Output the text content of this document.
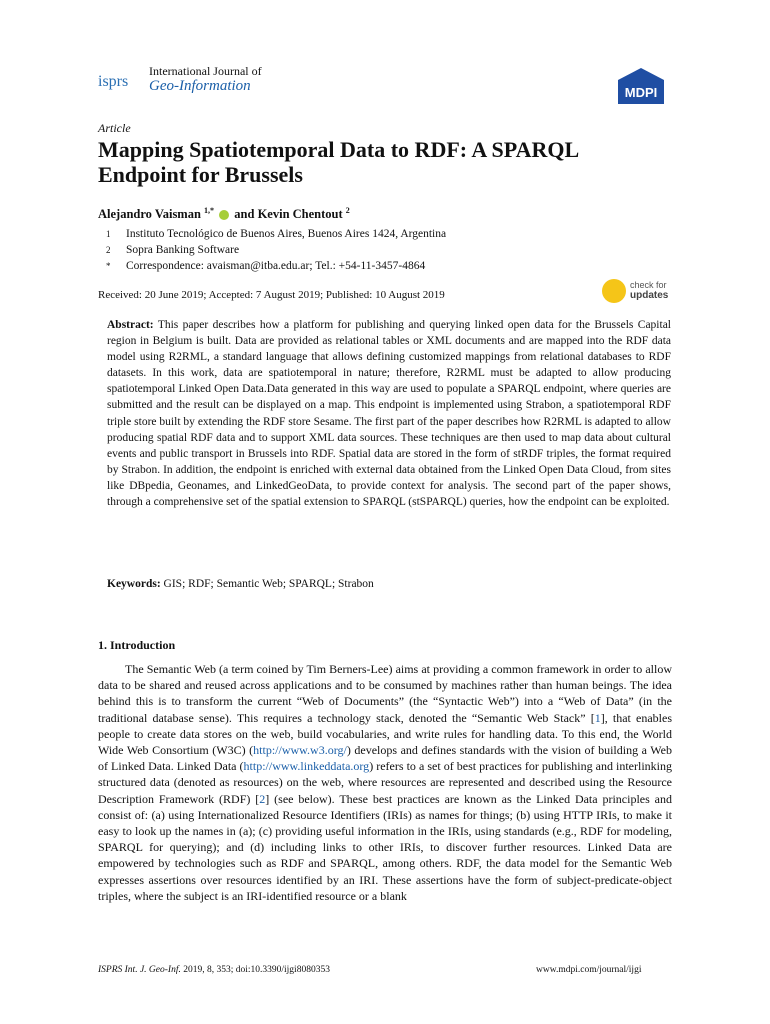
isprs
International Journal of
Geo-Information	MDPI
Article
Mapping Spatiotemporal Data to RDF: A SPARQL Endpoint for Brussels
Alejandro Vaisman $^{1,*}$ and Kevin Chentout $^2$
1	Instituto Tecnológico de Buenos Aires, Buenos Aires 1424, Argentina
2	Sopra Banking Software
*	Correspondence: avaisman@itba.edu.ar; Tel.: +54-11-3457-4864
Received: 20 June 2019; Accepted: 7 August 2019; Published: 10 August 2019
check for
updates
Abstract: This paper describes how a platform for publishing and querying linked open data for the Brussels Capital region in Belgium is built. Data are provided as relational tables or XML documents and are mapped into the RDF data model using R2RML, a standard language that allows defining customized mappings from relational databases to RDF datasets. In this work, data are spatiotemporal in nature; therefore, R2RML must be adapted to allow producing spatiotemporal Linked Open Data.Data generated in this way are used to populate a SPARQL endpoint, where queries are submitted and the result can be displayed on a map. This endpoint is implemented using Strabon, a spatiotemporal RDF triple store built by extending the RDF store Sesame. The first part of the paper describes how R2RML is adapted to allow producing spatial RDF data and to support XML data sources. These techniques are then used to map data about cultural events and public transport in Brussels into RDF. Spatial data are stored in the form of stRDF triples, the format required by Strabon. In addition, the endpoint is enriched with external data obtained from the Linked Open Data Cloud, from sites like DBpedia, Geonames, and LinkedGeoData, to provide context for analysis. The second part of the paper shows, through a comprehensive set of the spatial extension to SPARQL (stSPARQL) queries, how the endpoint can be exploited.
Keywords: GIS; RDF; Semantic Web; SPARQL; Strabon
1. Introduction
The Semantic Web (a term coined by Tim Berners-Lee) aims at providing a common framework in order to allow data to be shared and reused across applications and to be consumed by machines rather than human beings. The idea behind this is to transform the current “Web of Documents” (the “Syntactic Web”) into a “Web of Data” (in the traditional database sense). This requires a technology stack, denoted the “Semantic Web Stack” [1], that enables people to create data stores on the web, build vocabularies, and write rules for handling data. To this end, the World Wide Web Consortium (W3C) (http://www.w3.org/) develops and defines standards with the vision of building a Web of Linked Data. Linked Data (http://www.linkeddata.org) refers to a set of best practices for publishing and interlinking structured data (denoted as resources) on the web, where resources are represented and described using the Resource Description Framework (RDF) [2] (see below). These best practices are known as the Linked Data principles and consist of: (a) using Internationalized Resource Identifiers (IRIs) as names for things; (b) using HTTP IRIs, to make it easy to look up the names in (a); (c) providing useful information in the IRIs, using standards (e.g., RDF for modeling, SPARQL for querying); and (d) including links to other IRIs, to discover further resources. Linked Data are empowered by technologies such as RDF and SPARQL, among others. RDF, the data model for the Semantic Web expresses assertions over resources identified by an IRI. These assertions have the form of subject-predicate-object triples, where the subject is an IRI-identified resource or a blank
ISPRS Int. J. Geo-Inf. 2019, 8, 353; doi:10.3390/ijgi8080353	www.mdpi.com/journal/ijgi
